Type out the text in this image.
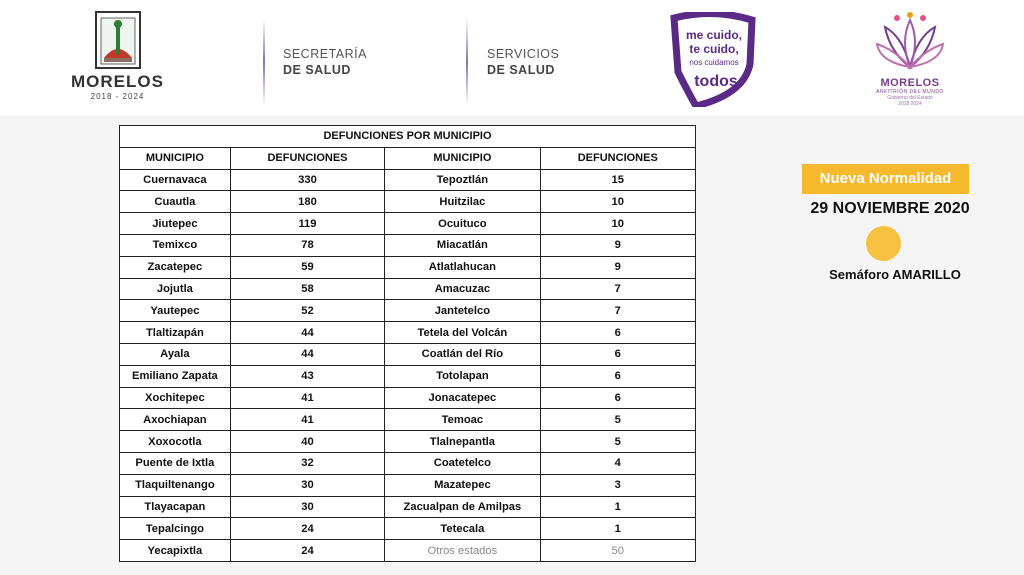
MORELOS
2018 - 2024
SECRETARÍA
DE SALUD
SERVICIOS
DE SALUD
me cuido,
te cuido,
nos cuidamos
todos	MORELOS
ANFITRIÓN DEL MUNDO
Gobierno del Estado
2018 2024
DEFUNCIONES POR MUNICIPIO			
MUNICIPIO	DEFUNCIONES	MUNICIPIO	DEFUNCIONES
Cuernavaca	330	Tepoztlán	15
Cuautla	180	Huitzilac	10
Jiutepec	119	Ocuituco	10
Temixco	78	Miacatlán	9
Zacatepec	59	Atlatlahucan	9
Jojutla	58	Amacuzac	7
Yautepec	52	Jantetelco	7
Tlaltizapán	44	Tetela del Volcán	6
Ayala	44	Coatlán del Río	6
Emiliano Zapata	43	Totolapan	6
Xochitepec	41	Jonacatepec	6
Axochiapan	41	Temoac	5
Xoxocotla	40	Tlalnepantla	5
Puente de Ixtla	32	Coatetelco	4
Tlaquiltenango	30	Mazatepec	3
Tlayacapan	30	Zacualpan de Amilpas	1
Tepalcingo	24	Tetecala	1
Yecapixtla	24	Otros estados	50
Nueva Normalidad
29 NOVIEMBRE 2020
Semáforo AMARILLO
